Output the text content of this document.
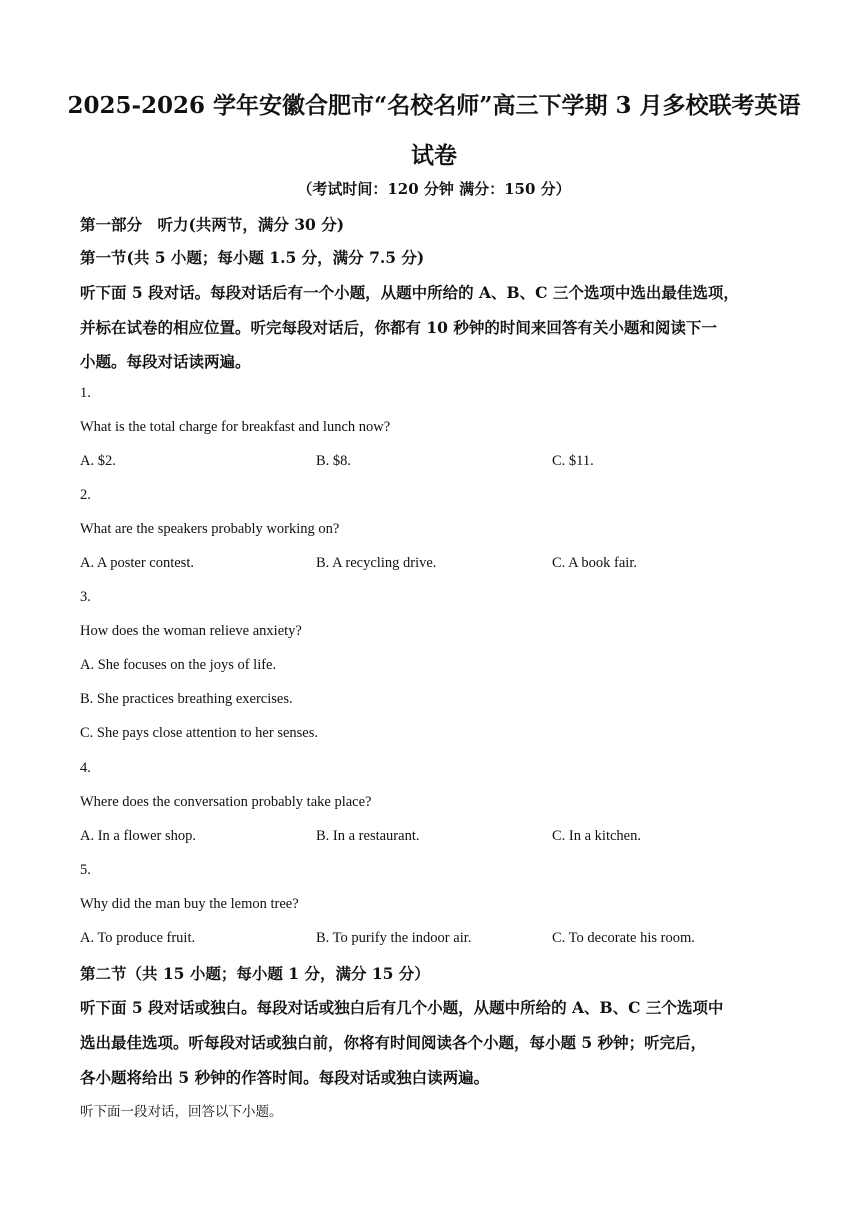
2025-2026 学年安徽合肥市“名校名师”高三下学期 3 月多校联考英语
试卷
（考试时间：120 分钟 满分：150 分）
第一部分　听力(共两节，满分 30 分)
第一节(共 5 小题；每小题 1.5 分，满分 7.5 分)
听下面 5 段对话。每段对话后有一个小题，从题中所给的 A、B、C 三个选项中选出最佳选项，
并标在试卷的相应位置。听完每段对话后，你都有 10 秒钟的时间来回答有关小题和阅读下一
小题。每段对话读两遍。
1.
What is the total charge for breakfast and lunch now?
A. $2.	B. $8.	C. $11.
2.
What are the speakers probably working on?
A. A poster contest.	B. A recycling drive.	C. A book fair.
3.
How does the woman relieve anxiety?
A. She focuses on the joys of life.
B. She practices breathing exercises.
C. She pays close attention to her senses.
4.
Where does the conversation probably take place?
A. In a flower shop.	B. In a restaurant.	C. In a kitchen.
5.
Why did the man buy the lemon tree?
A. To produce fruit.	B. To purify the indoor air.	C. To decorate his room.
第二节（共 15 小题；每小题 1 分，满分 15 分）
听下面 5 段对话或独白。每段对话或独白后有几个小题，从题中所给的 A、B、C 三个选项中
选出最佳选项。听每段对话或独白前，你将有时间阅读各个小题，每小题 5 秒钟；听完后，
各小题将给出 5 秒钟的作答时间。每段对话或独白读两遍。
听下面一段对话，回答以下小题。
